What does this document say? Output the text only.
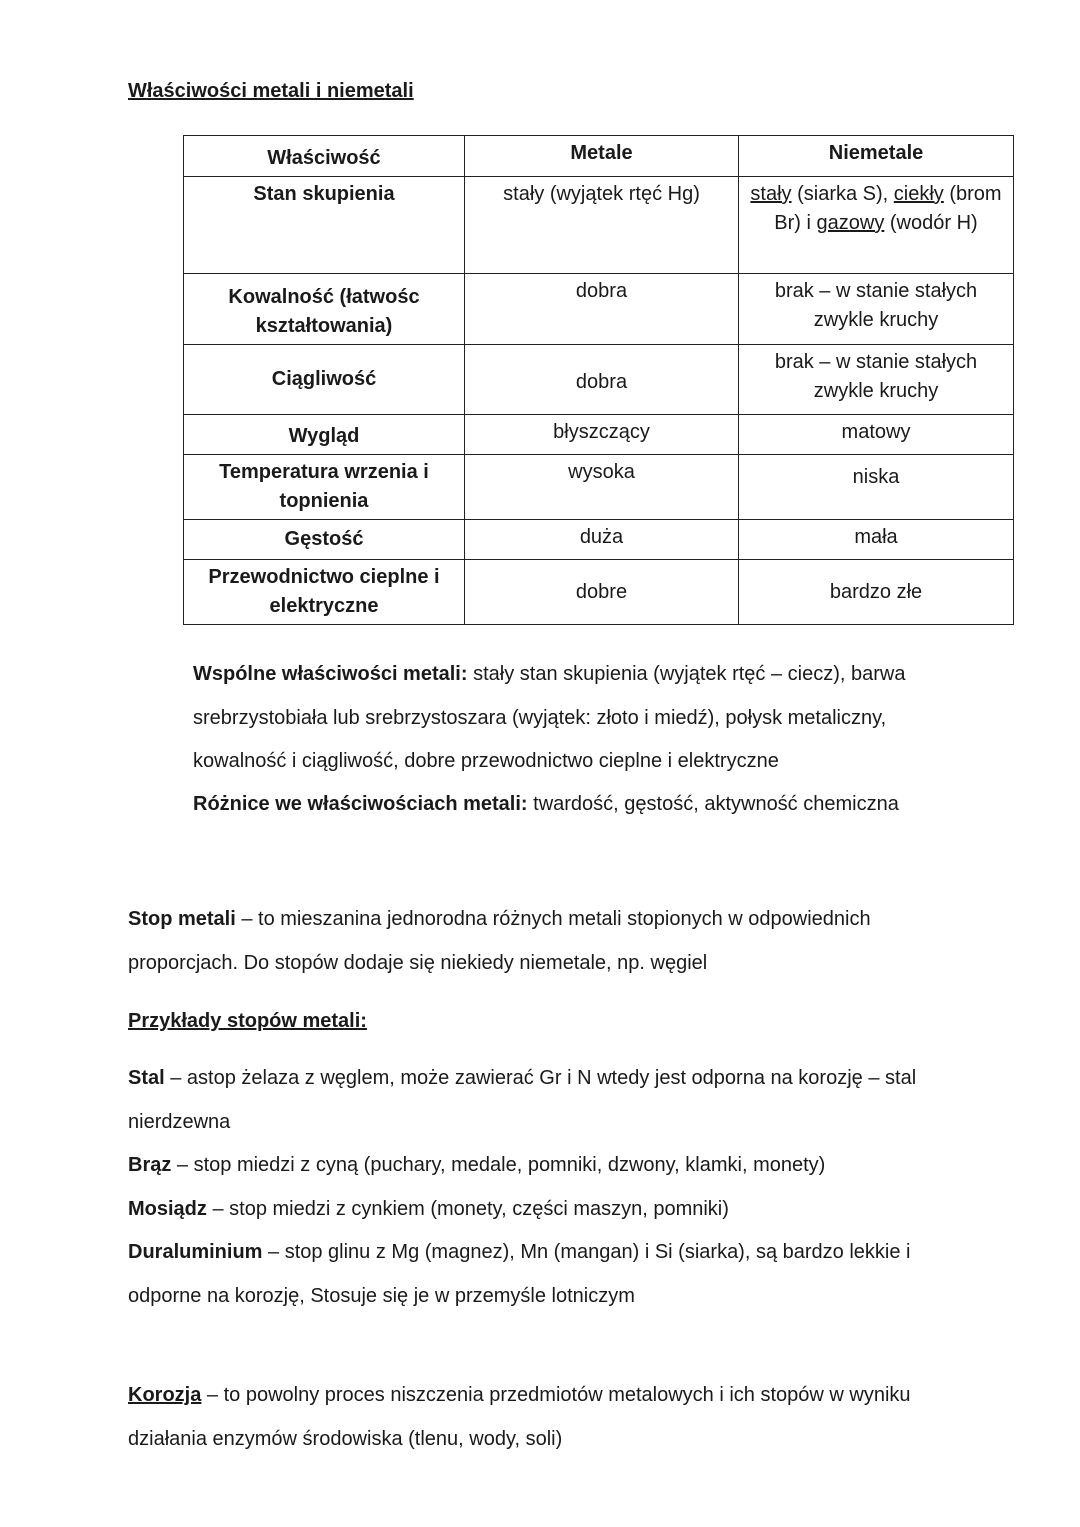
Właściwości metali i niemetali
Właściwość	Metale	Niemetale
Stan skupienia	stały (wyjątek rtęć Hg)	stały (siarka S), ciekły (brom Br) i gazowy (wodór H)
Kowalność (łatwośc kształtowania)	dobra	brak – w stanie stałych zwykle kruchy
Ciągliwość	dobra	brak – w stanie stałych zwykle kruchy
Wygląd	błyszczący	matowy
Temperatura wrzenia i topnienia	wysoka	niska
Gęstość	duża	mała
Przewodnictwo cieplne i elektryczne	dobre	bardzo złe
Wspólne właściwości metali: stały stan skupienia (wyjątek rtęć – ciecz), barwa srebrzystobiała lub srebrzystoszara (wyjątek: złoto i miedź), połysk metaliczny, kowalność i ciągliwość, dobre przewodnictwo cieplne i elektryczne
Różnice we właściwościach metali: twardość, gęstość, aktywność chemiczna
Stop metali – to mieszanina jednorodna różnych metali stopionych w odpowiednich proporcjach. Do stopów dodaje się niekiedy niemetale, np. węgiel
Przykłady stopów metali:
Stal – astop żelaza z węglem, może zawierać Gr i N wtedy jest odporna na korozję – stal nierdzewna
Brąz – stop miedzi z cyną (puchary, medale, pomniki, dzwony, klamki, monety)
Mosiądz – stop miedzi z cynkiem (monety, części maszyn, pomniki)
Duraluminium – stop glinu z Mg (magnez), Mn (mangan) i Si (siarka), są bardzo lekkie i odporne na korozję, Stosuje się je w przemyśle lotniczym
Korozja – to powolny proces niszczenia przedmiotów metalowych i ich stopów w wyniku działania enzymów środowiska (tlenu, wody, soli)
